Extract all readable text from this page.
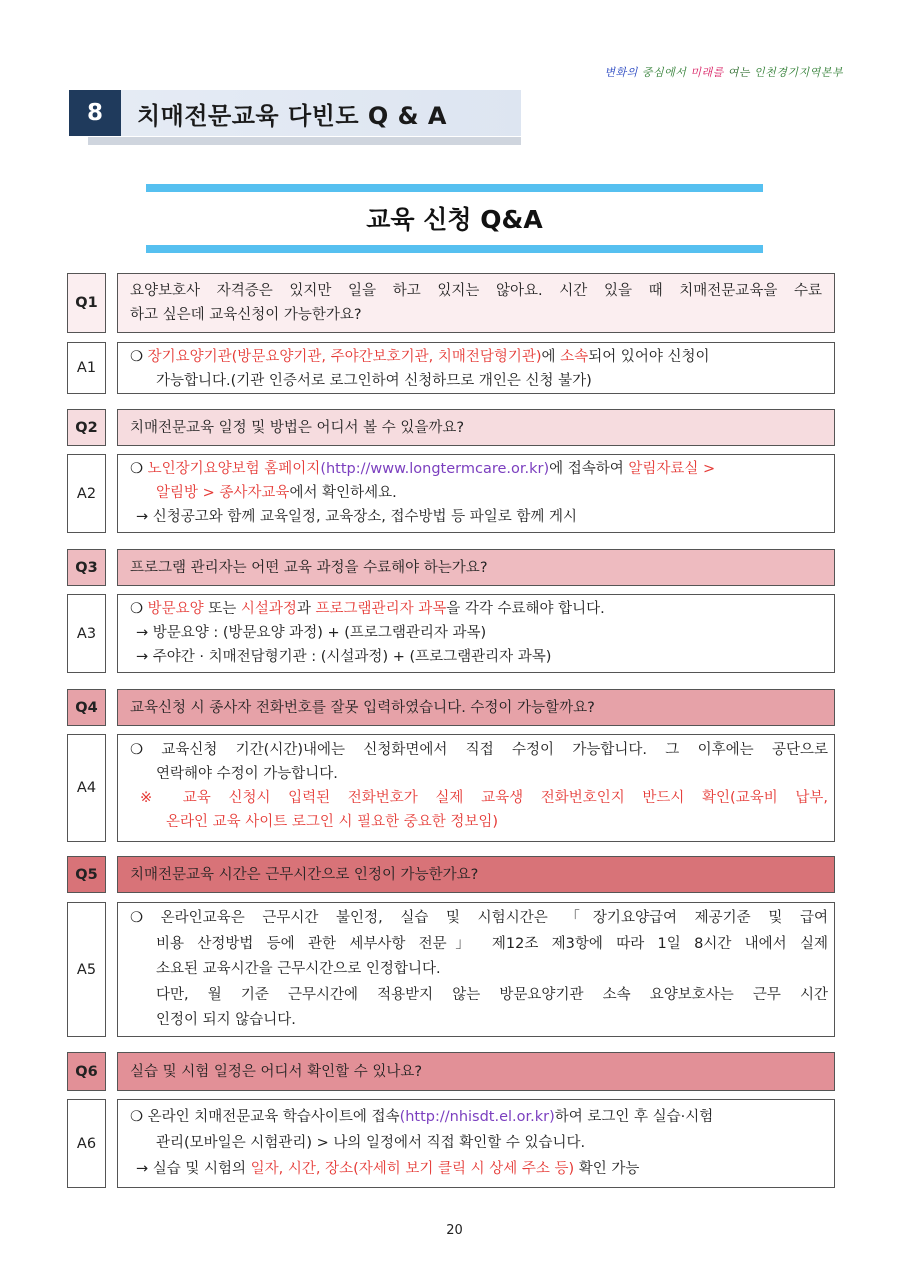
변화의 중심에서 미래를 여는 인천경기지역본부
8	치매전문교육 다빈도 Q & A
교육 신청 Q&A
Q1
요양보호사 자격증은 있지만 일을 하고 있지는 않아요. 시간 있을 때 치매전문교육을 수료
하고 싶은데 교육신청이 가능한가요?
A1
❍ 장기요양기관(방문요양기관, 주야간보호기관, 치매전담형기관)에 소속되어 있어야 신청이
가능합니다.(기관 인증서로 로그인하여 신청하므로 개인은 신청 불가)
Q2	치매전문교육 일정 및 방법은 어디서 볼 수 있을까요?
A2
❍ 노인장기요양보험 홈페이지(http://www.longtermcare.or.kr)에 접속하여 알림자료실 >
알림방 > 종사자교육에서 확인하세요.
→ 신청공고와 함께 교육일정, 교육장소, 접수방법 등 파일로 함께 게시
Q3	프로그램 관리자는 어떤 교육 과정을 수료해야 하는가요?
A3
❍ 방문요양 또는 시설과정과 프로그램관리자 과목을 각각 수료해야 합니다.
→ 방문요양 : (방문요양 과정) + (프로그램관리자 과목)
→ 주야간 · 치매전담형기관 : (시설과정) + (프로그램관리자 과목)
Q4	교육신청 시 종사자 전화번호를 잘못 입력하였습니다. 수정이 가능할까요?
A4
❍ 교육신청 기간(시간)내에는 신청화면에서 직접 수정이 가능합니다. 그 이후에는 공단으로
연락해야 수정이 가능합니다.
※ 교육 신청시 입력된 전화번호가 실제 교육생 전화번호인지 반드시 확인(교육비 납부,
온라인 교육 사이트 로그인 시 필요한 중요한 정보임)
Q5	치매전문교육 시간은 근무시간으로 인정이 가능한가요?
A5
❍ 온라인교육은 근무시간 불인정, 실습 및 시험시간은 「장기요양급여 제공기준 및 급여
비용 산정방법 등에 관한 세부사항 전문」 제12조 제3항에 따라 1일 8시간 내에서 실제
소요된 교육시간을 근무시간으로 인정합니다.
다만, 월 기준 근무시간에 적용받지 않는 방문요양기관 소속 요양보호사는 근무 시간
인정이 되지 않습니다.
Q6	실습 및 시험 일정은 어디서 확인할 수 있나요?
A6
❍ 온라인 치매전문교육 학습사이트에 접속(http://nhisdt.el.or.kr)하여 로그인 후 실습·시험
관리(모바일은 시험관리) > 나의 일정에서 직접 확인할 수 있습니다.
→ 실습 및 시험의 일자, 시간, 장소(자세히 보기 클릭 시 상세 주소 등) 확인 가능
20
